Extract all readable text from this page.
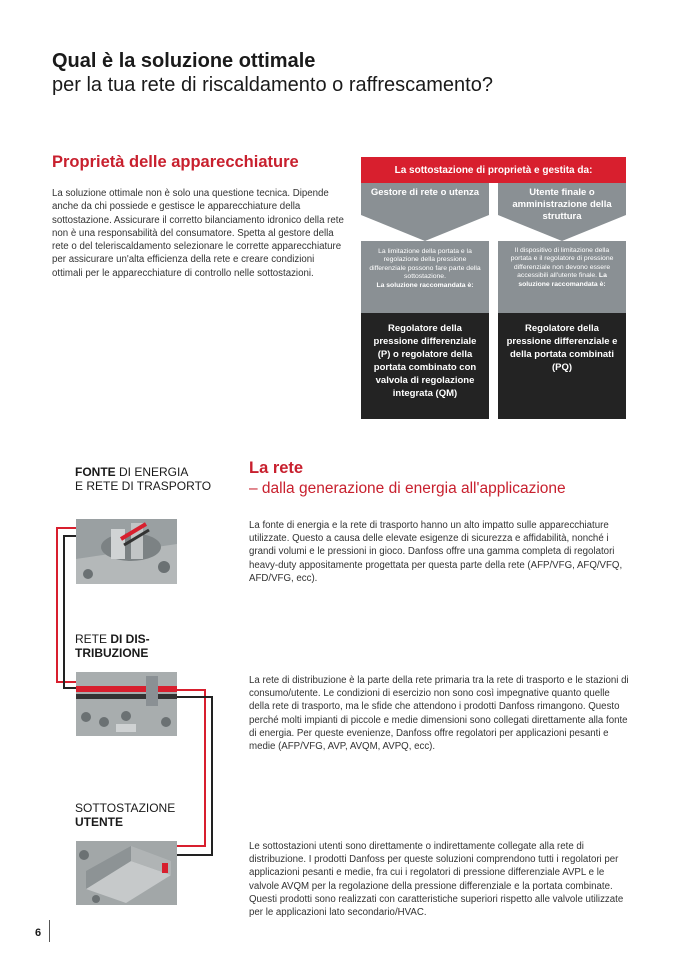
Qual è la soluzione ottimale
per la tua rete di riscaldamento o raffrescamento?
Proprietà delle apparecchiature
La soluzione ottimale non è solo una questione tecnica. Dipende anche da chi possiede e gestisce le apparecchiature della sottostazione. Assicurare il corretto bilanciamento idronico della rete non è una responsabilità del consumatore. Spetta al gestore della rete o del teleriscaldamento selezionare le corrette apparecchiature per assicurare un'alta efficienza della rete e creare condizioni ottimali per le apparecchiature di controllo nelle sottostazioni.
La sottostazione di proprietà e gestita da:
Gestore di rete o utenza
La limitazione della portata e la regolazione della pressione differenziale possono fare parte della sottostazione.
La soluzione raccomandata è:
Regolatore della pressione differenziale (P) o regolatore della portata combinato con valvola di regolazione integrata (QM)
Utente finale o amministrazione della struttura
Il dispositivo di limitazione della portata e il regolatore di pressione differenziale non devono essere accessibili all'utente finale. La soluzione raccomandata è:
Regolatore della pressione differenziale e della portata combinati (PQ)
La rete
– dalla generazione di energia all'applicazione
FONTE DI ENERGIA
E RETE DI TRASPORTO
La fonte di energia e la rete di trasporto hanno un alto impatto sulle apparecchiature utilizzate. Questo a causa delle elevate esigenze di sicurezza e affidabilità, nonché i grandi volumi e le pressioni in gioco. Danfoss offre una gamma completa di regolatori heavy-duty appositamente progettata per questa parte della rete (AFP/VFG, AFQ/VFQ, AFD/VFG, ecc).
RETE DI DIS-
TRIBUZIONE
La rete di distribuzione è la parte della rete primaria tra la rete di trasporto e le stazioni di consumo/utente. Le condizioni di esercizio non sono così impegnative quanto quelle della rete di trasporto, ma le sfide che attendono i prodotti Danfoss rimangono. Questo perché molti impianti di piccole e medie dimensioni sono collegati direttamente alla fonte di energia. Per queste evenienze, Danfoss offre regolatori per applicazioni pesanti e medie (AFP/VFG, AVP, AVQM, AVPQ, ecc).
SOTTOSTAZIONE
UTENTE
Le sottostazioni utenti sono direttamente o indirettamente collegate alla rete di distribuzione. I prodotti Danfoss per queste soluzioni comprendono tutti i regolatori per applicazioni pesanti e medie, fra cui i regolatori di pressione differenziale AVPL e le valvole AVQM per la regolazione della pressione differenziale e la portata combinate. Questi prodotti sono realizzati con caratteristiche superiori rispetto alle valvole utilizzate per le applicazioni lato secondario/HVAC.
6
